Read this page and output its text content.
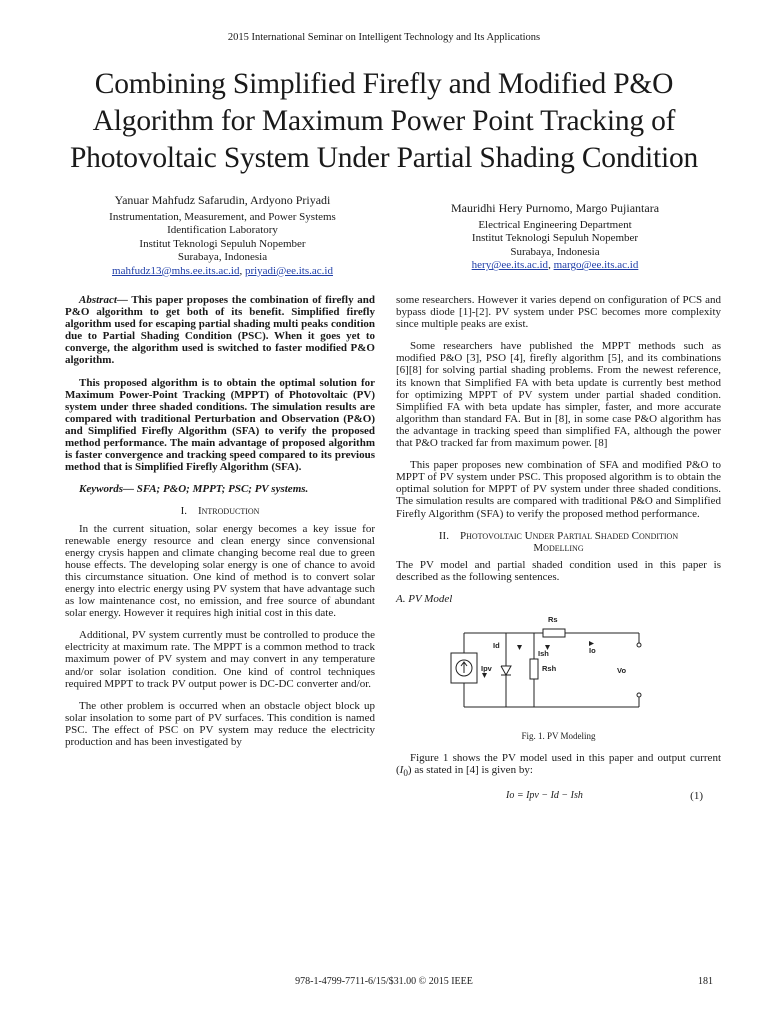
2015 International Seminar on Intelligent Technology and Its Applications
Combining Simplified Firefly and Modified P&O
Algorithm for Maximum Power Point Tracking of
Photovoltaic System Under Partial Shading Condition
Yanuar Mahfudz Safarudin, Ardyono Priyadi
Instrumentation, Measurement, and Power Systems
Identification Laboratory
Institut Teknologi Sepuluh Nopember
Surabaya, Indonesia
mahfudz13@mhs.ee.its.ac.id, priyadi@ee.its.ac.id
Mauridhi Hery Purnomo, Margo Pujiantara
Electrical Engineering Department
Institut Teknologi Sepuluh Nopember
Surabaya, Indonesia
hery@ee.its.ac.id, margo@ee.its.ac.id

Abstract— This paper proposes the combination of firefly and P&O algorithm to get both of its benefit. Simplified firefly algorithm used for escaping partial shading multi peaks condition due to Partial Shading Condition (PSC). When it goes yet to converge, the algorithm used is switched to faster modified P&O algorithm.

This proposed algorithm is to obtain the optimal solution for Maximum Power-Point Tracking (MPPT) of Photovoltaic (PV) system under three shaded conditions. The simulation results are compared with traditional Perturbation and Observation (P&O) and Simplified Firefly Algorithm (SFA) to verify the proposed method performance. The main advantage of proposed algorithm is faster convergence and tracking speed compared to its previous method that is Simplified Firefly Algorithm (SFA).

Keywords— SFA; P&O; MPPT; PSC; PV systems.

I. Introduction

In the current situation, solar energy becomes a key issue for renewable energy resource and clean energy since convensional energy crysis happen and climate changing become real due to green house effects. The developing solar energy is one of chance to avoid this circumstance situation. One kind of method is to convert solar energy into electric energy using PV system that have advantage such as low maintenance cost, no emission, and free source of abundant solar energy. However it requires high initial cost in this date.

Additional, PV system currently must be controlled to produce the electricity at maximum rate. The MPPT is a common method to track maximum power of PV system and may convert in any temperature and/or solar isolation condition. One kind of control techniques required MPPT to track PV output power is DC-DC converter and/or.

The other problem is occurred when an obstacle object block up solar insolation to some part of PV surfaces. This condition is named PSC. The effect of PSC on PV system may reduce the electricity production and has been investigated by

some researchers. However it varies depend on configuration of PCS and bypass diode [1]-[2]. PV system under PSC becomes more complexity since multiple peaks are exist.

Some researchers have published the MPPT methods such as modified P&O [3], PSO [4], firefly algorithm [5], and its combinations [6][8] for solving partial shading problems. From the newest reference, its known that Simplified FA with beta update is currently best method for optimizing MPPT of PV system under partial shaded condition. Simplified FA with beta update has simpler, faster, and more accurate algorithm than standard FA. But in [8], in some case P&O algorithm has the advantage in tracking speed than simplified FA, although the power that P&O tracked far from maximum power. [8]

This paper proposes new combination of SFA and modified P&O to MPPT of PV system under PSC. This proposed algorithm is to obtain the optimal solution for MPPT of PV system under three shaded conditions. The simulation results are compared with traditional P&O and Simplified Firefly Algorithm (SFA) to verify the proposed method performance.

II. Photovoltaic Under Partial Shaded Condition
Modelling

The PV model and partial shaded condition used in this paper is described as the following sentences.

A. PV Model
Rs
Id
Ish	Io
Vo
Ipv	Rsh
Fig. 1. PV Modeling

Figure 1 shows the PV model used in this paper and output current $(I_0)$ as stated in [4] is given by:

Io = Ipv − Id − Ish	(1)
978-1-4799-7711-6/15/$31.00 © 2015 IEEE	181
